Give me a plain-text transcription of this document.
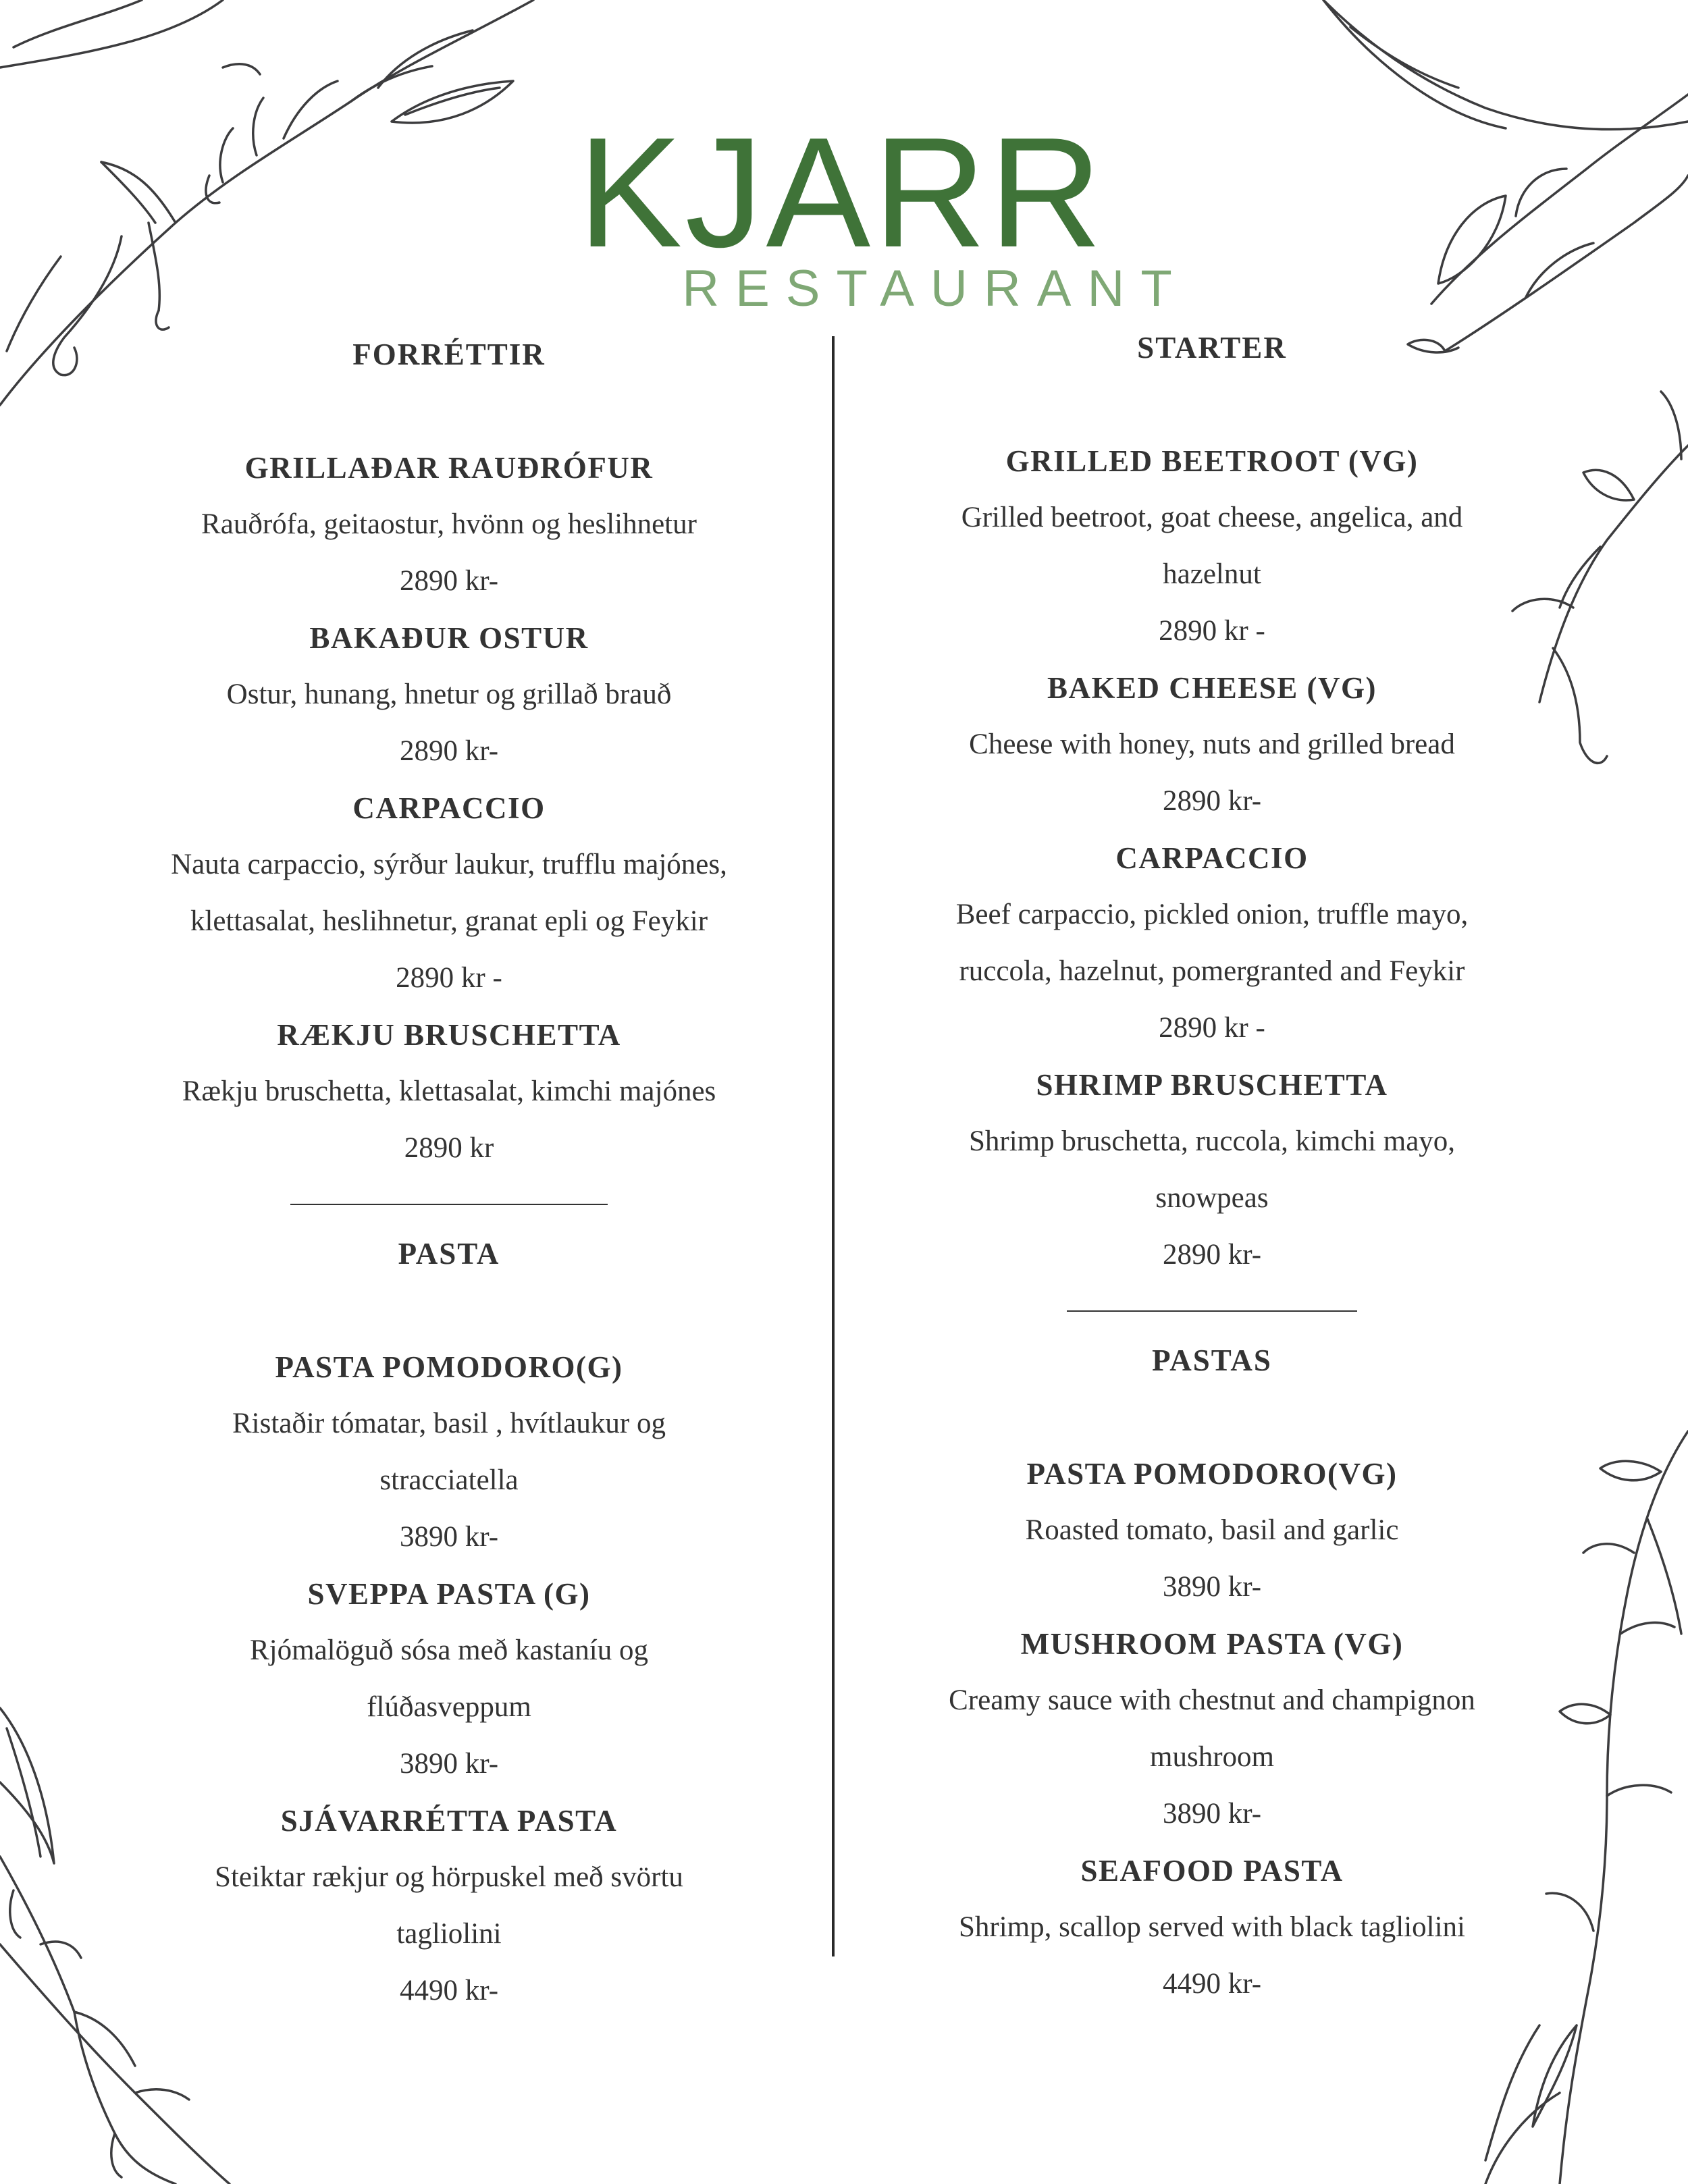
KJARR
RESTAURANT
FORRÉTTIR
GRILLAÐAR RAUÐRÓFUR
Rauðrófa, geitaostur, hvönn og heslihnetur
2890 kr-
BAKAÐUR OSTUR
Ostur, hunang, hnetur og grillað brauð
2890 kr-
CARPACCIO
Nauta carpaccio, sýrður laukur, trufflu majónes,
klettasalat, heslihnetur, granat epli og Feykir
2890 kr -
RÆKJU BRUSCHETTA
Rækju bruschetta, klettasalat, kimchi majónes
2890 kr
PASTA
PASTA POMODORO(G)
Ristaðir tómatar, basil , hvítlaukur og
stracciatella
3890 kr-
SVEPPA PASTA (G)
Rjómalöguð sósa með kastaníu og
flúðasveppum
3890 kr-
SJÁVARRÉTTA PASTA
Steiktar rækjur og hörpuskel með svörtu
tagliolini
4490 kr-
STARTER
GRILLED BEETROOT (VG)
Grilled beetroot, goat cheese, angelica, and
hazelnut
2890 kr -
BAKED CHEESE (VG)
Cheese with honey, nuts and grilled bread
2890 kr-
CARPACCIO
Beef carpaccio, pickled onion, truffle mayo,
ruccola, hazelnut, pomergranted and Feykir
2890 kr -
SHRIMP BRUSCHETTA
Shrimp bruschetta, ruccola, kimchi mayo,
snowpeas
2890 kr-
PASTAS
PASTA POMODORO(VG)
Roasted tomato, basil and garlic
3890 kr-
MUSHROOM PASTA (VG)
Creamy sauce with chestnut and champignon
mushroom
3890 kr-
SEAFOOD PASTA
Shrimp, scallop served with black tagliolini
4490 kr-
